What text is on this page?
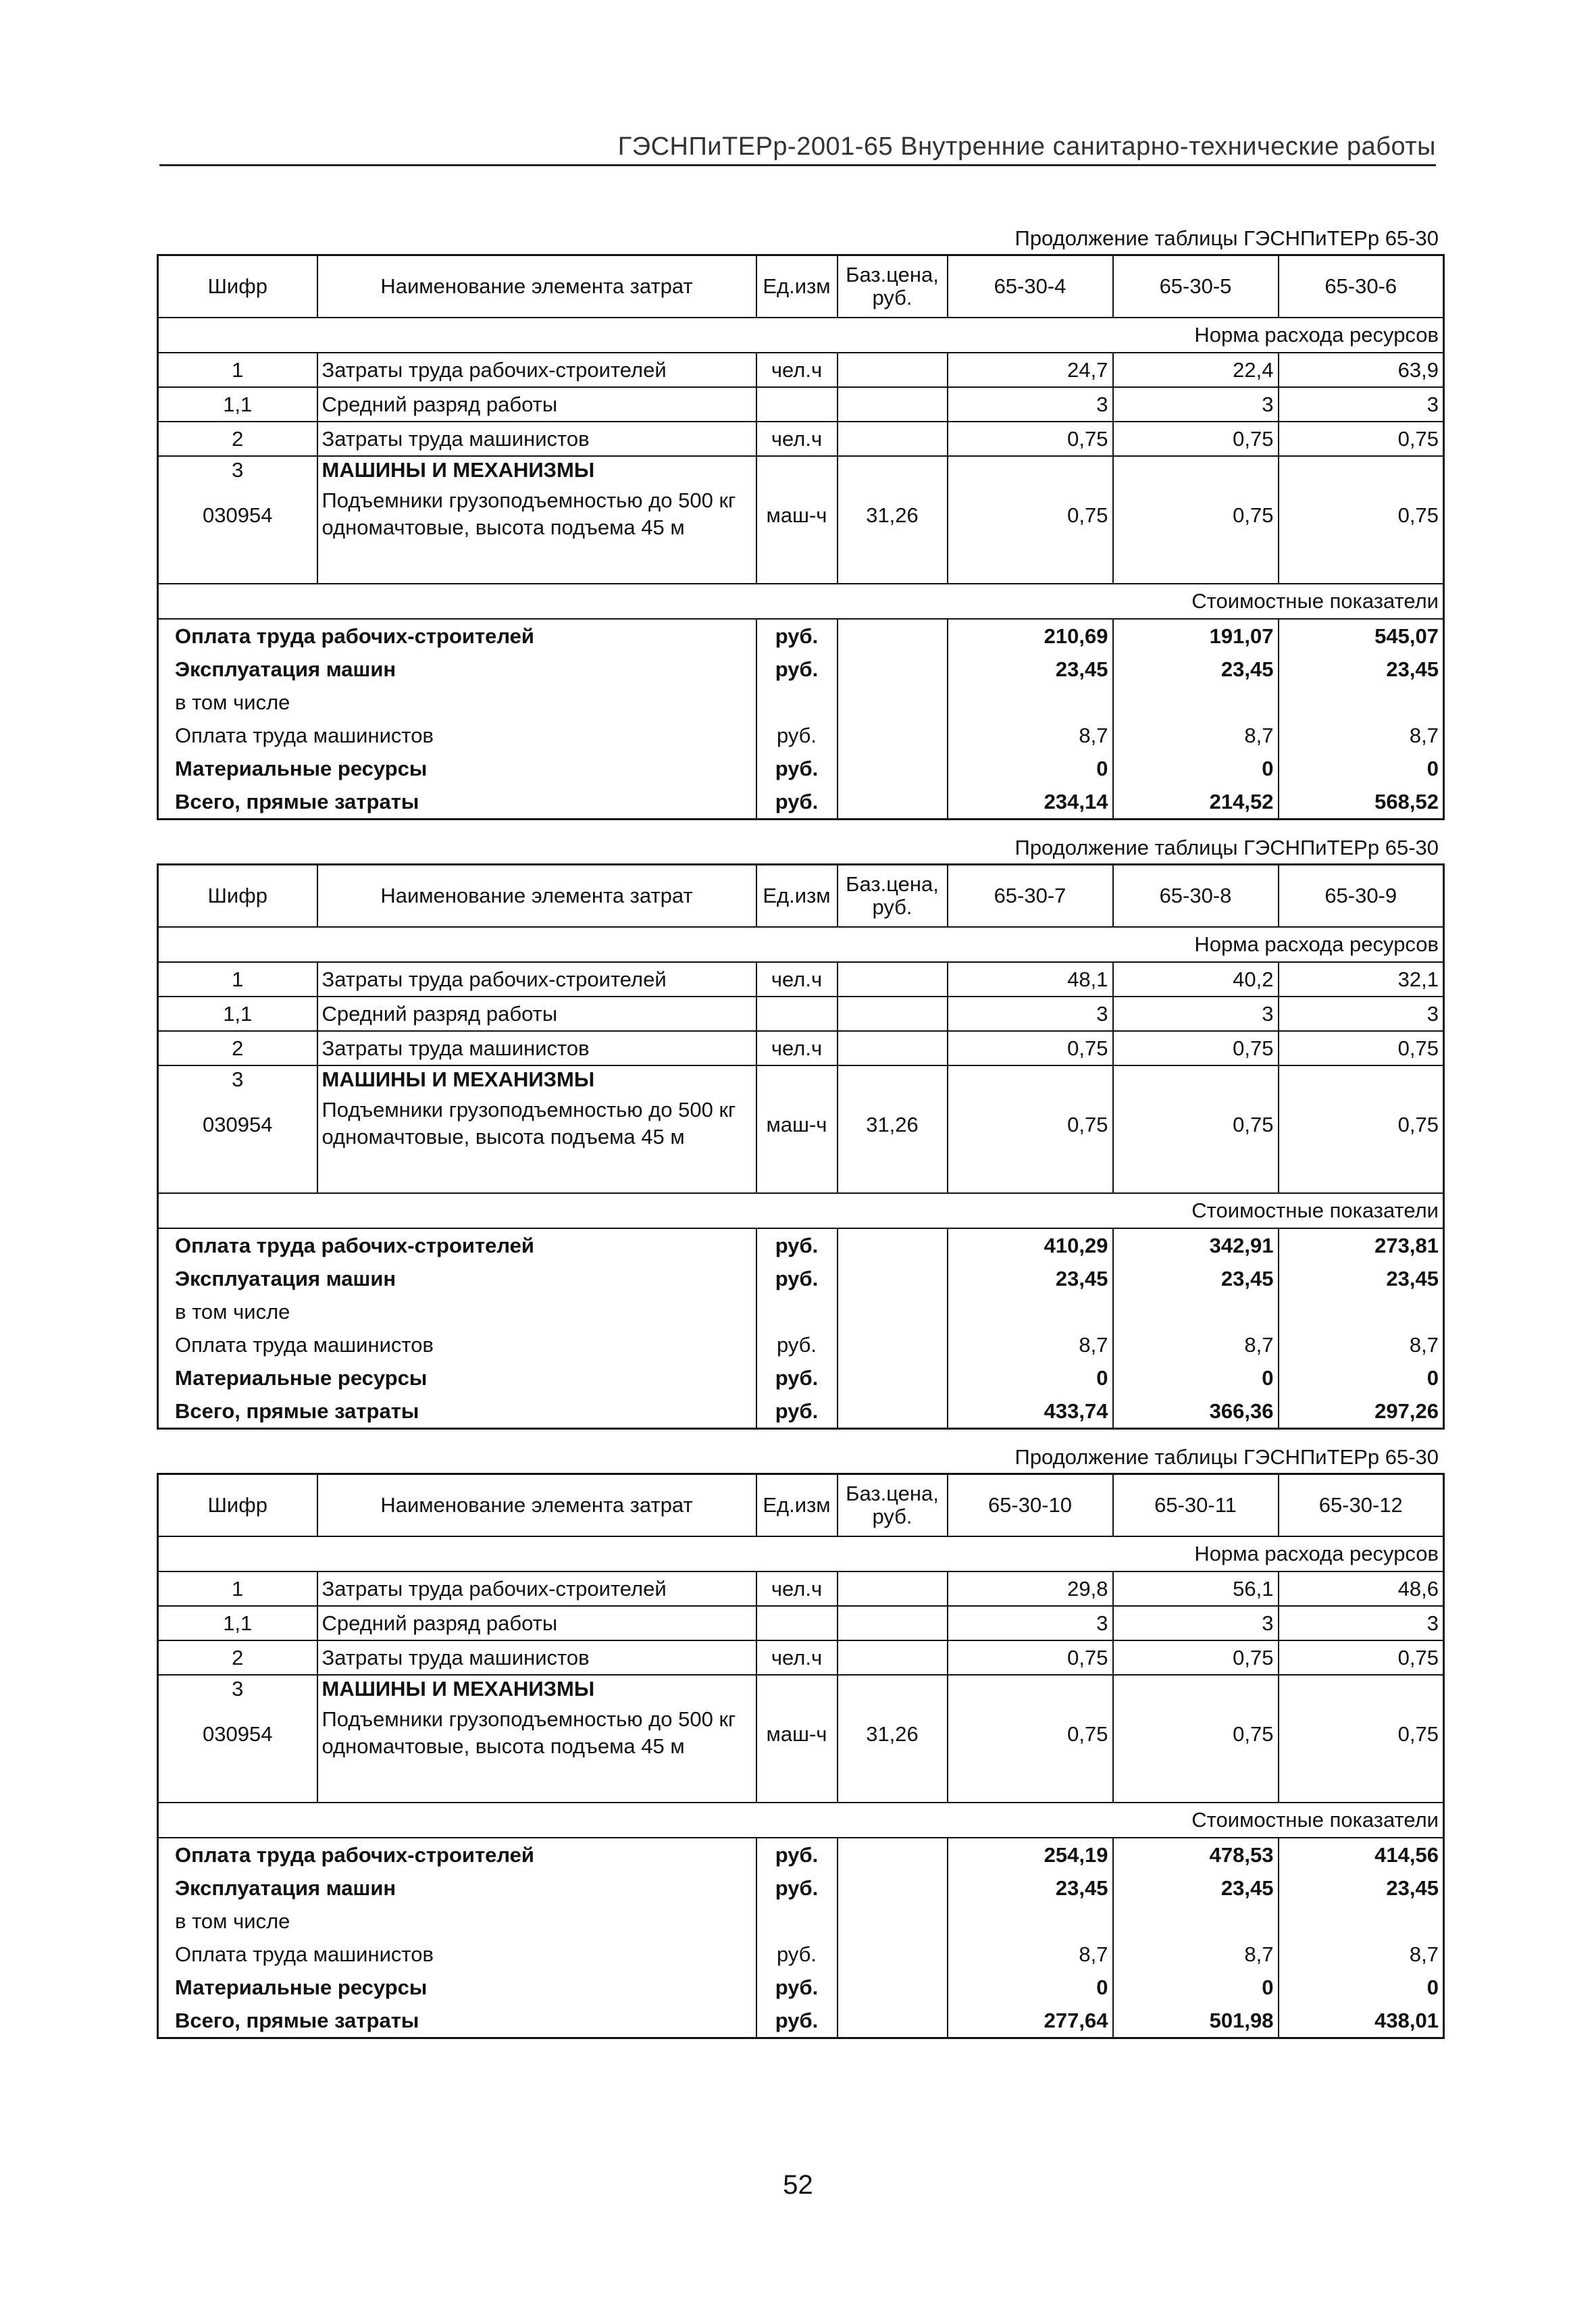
ГЭСНПиТЕРр-2001-65 Внутренние санитарно-технические работы
Продолжение таблицы ГЭСНПиТЕРр 65-30
Шифр	Наименование элемента затрат	Ед.изм	Баз.цена, руб.	65-30-4	65-30-5	65-30-6
Норма расхода ресурсов						
1	Затраты труда рабочих-строителей	чел.ч		24,7	22,4	63,9
1,1	Средний разряд работы			3	3	3
2	Затраты труда машинистов	чел.ч		0,75	0,75	0,75
3	МАШИНЫ И МЕХАНИЗМЫ					
030954	Подъемники грузоподъемностью до 500 кг одномачтовые, высота подъема 45 м	маш-ч	31,26	0,75	0,75	0,75
Стоимостные показатели						
Оплата труда рабочих-строителей		руб.		210,69	191,07	545,07
Эксплуатация машин		руб.		23,45	23,45	23,45
в том числе						
Оплата труда машинистов		руб.		8,7	8,7	8,7
Материальные ресурсы		руб.		0	0	0
Всего, прямые затраты		руб.		234,14	214,52	568,52
Продолжение таблицы ГЭСНПиТЕРр 65-30
Шифр	Наименование элемента затрат	Ед.изм	Баз.цена, руб.	65-30-7	65-30-8	65-30-9
Норма расхода ресурсов						
1	Затраты труда рабочих-строителей	чел.ч		48,1	40,2	32,1
1,1	Средний разряд работы			3	3	3
2	Затраты труда машинистов	чел.ч		0,75	0,75	0,75
3	МАШИНЫ И МЕХАНИЗМЫ					
030954	Подъемники грузоподъемностью до 500 кг одномачтовые, высота подъема 45 м	маш-ч	31,26	0,75	0,75	0,75
Стоимостные показатели						
Оплата труда рабочих-строителей		руб.		410,29	342,91	273,81
Эксплуатация машин		руб.		23,45	23,45	23,45
в том числе						
Оплата труда машинистов		руб.		8,7	8,7	8,7
Материальные ресурсы		руб.		0	0	0
Всего, прямые затраты		руб.		433,74	366,36	297,26
Продолжение таблицы ГЭСНПиТЕРр 65-30
Шифр	Наименование элемента затрат	Ед.изм	Баз.цена, руб.	65-30-10	65-30-11	65-30-12
Норма расхода ресурсов						
1	Затраты труда рабочих-строителей	чел.ч		29,8	56,1	48,6
1,1	Средний разряд работы			3	3	3
2	Затраты труда машинистов	чел.ч		0,75	0,75	0,75
3	МАШИНЫ И МЕХАНИЗМЫ					
030954	Подъемники грузоподъемностью до 500 кг одномачтовые, высота подъема 45 м	маш-ч	31,26	0,75	0,75	0,75
Стоимостные показатели						
Оплата труда рабочих-строителей		руб.		254,19	478,53	414,56
Эксплуатация машин		руб.		23,45	23,45	23,45
в том числе						
Оплата труда машинистов		руб.		8,7	8,7	8,7
Материальные ресурсы		руб.		0	0	0
Всего, прямые затраты		руб.		277,64	501,98	438,01
52
